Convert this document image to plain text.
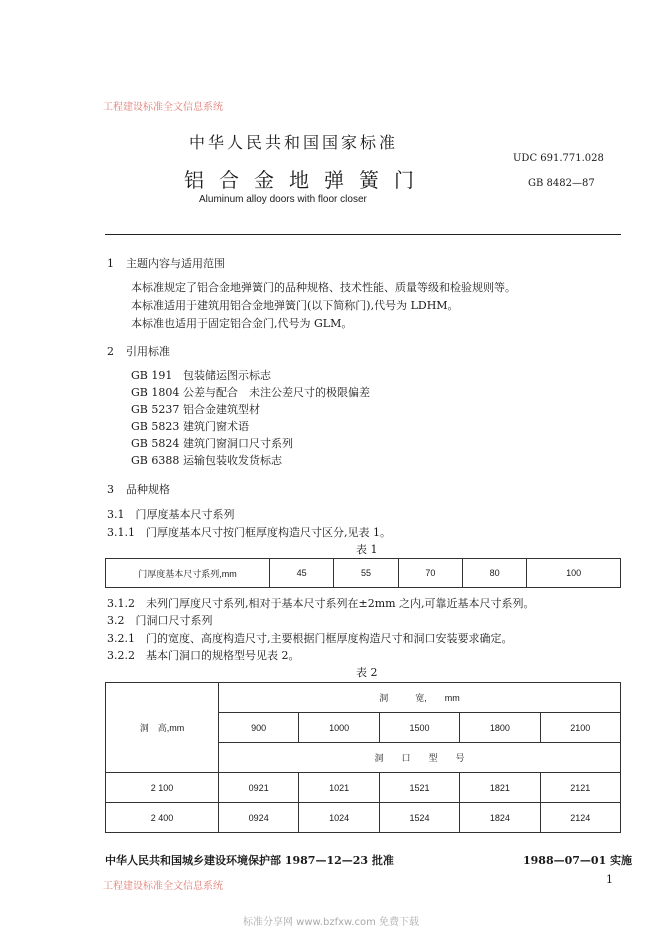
工程建设标准全文信息系统
中华人民共和国国家标准
铝合金地弹簧门
Aluminum alloy doors with floor closer
UDC 691.771.028
GB 8482—87
1 主题内容与适用范围
本标准规定了铝合金地弹簧门的品种规格、技术性能、质量等级和检验规则等。
本标准适用于建筑用铝合金地弹簧门(以下简称门),代号为 LDHM。
本标准也适用于固定铝合金门,代号为 GLM。
2 引用标准
GB 191 包装储运图示标志
GB 1804 公差与配合　未注公差尺寸的极限偏差
GB 5237 铝合金建筑型材
GB 5823 建筑门窗术语
GB 5824 建筑门窗洞口尺寸系列
GB 6388 运输包装收发货标志
3 品种规格
3.1　门厚度基本尺寸系列
3.1.1　门厚度基本尺寸按门框厚度构造尺寸区分,见表 1。
表 1
门厚度基本尺寸系列,mm	45	55	70	80	100
3.1.2　未列门厚度尺寸系列,相对于基本尺寸系列在±2mm 之内,可靠近基本尺寸系列。
3.2　门洞口尺寸系列
3.2.1　门的宽度、高度构造尺寸,主要根据门框厚度构造尺寸和洞口安装要求确定。
3.2.2　基本门洞口的规格型号见表 2。
表 2
洞　高,mm	洞　　　宽,　　mm				
	900	1000	1500	1800	2100
	洞　　口　　型　　号				
2 100	0921	1021	1521	1821	2121
2 400	0924	1024	1524	1824	2124
中华人民共和国城乡建设环境保护部 1987—12—23 批准	1988—07—01 实施
工程建设标准全文信息系统
1
标准分享网 www.bzfxw.com 免费下载
